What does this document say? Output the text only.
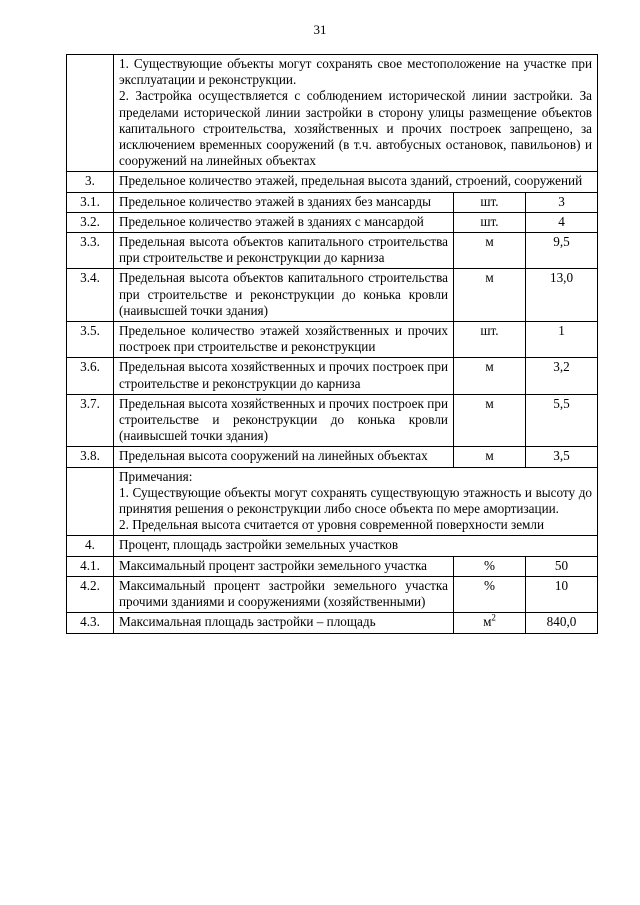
31

	1. Существующие объекты могут сохранять свое местоположение на участке при эксплуатации и реконструкции.
2. Застройка осуществляется с соблюдением исторической линии застройки. За пределами исторической линии застройки в сторону улицы размещение объектов капитального строительства, хозяйственных и прочих построек запрещено, за исключением временных сооружений (в т.ч. автобусных остановок, павильонов) и сооружений на линейных объектах		

3.	Предельное количество этажей, предельная высота зданий, строений, сооружений		

3.1.	Предельное количество этажей в зданиях без мансарды	шт.	3
3.2.	Предельное количество этажей в зданиях с мансардой	шт.	4
3.3.	Предельная высота объектов капитального строительства при строительстве и реконструкции до карниза	м	9,5
3.4.	Предельная высота объектов капитального строительства при строительстве и реконструкции до конька кровли (наивысшей точки здания)	м	13,0
3.5.	Предельное количество этажей хозяйственных и прочих построек при строительстве и реконструкции	шт.	1
3.6.	Предельная высота хозяйственных и прочих построек при строительстве и реконструкции до карниза	м	3,2
3.7.	Предельная высота хозяйственных и прочих построек при строительстве и реконструкции до конька кровли (наивысшей точки здания)	м	5,5
3.8.	Предельная высота сооружений на линейных объектах	м	3,5

	Примечания:
1. Существующие объекты могут сохранять существующую этажность и высоту до принятия решения о реконструкции либо сносе объекта по мере амортизации.
2. Предельная высота считается от уровня современной поверхности земли		

4.	Процент, площадь застройки земельных участков		

4.1.	Максимальный процент застройки земельного участка	%	50
4.2.	Максимальный процент застройки земельного участка прочими зданиями и сооружениями (хозяйственными)	%	10
4.3.	Максимальная площадь застройки – площадь	$м^2$	840,0
